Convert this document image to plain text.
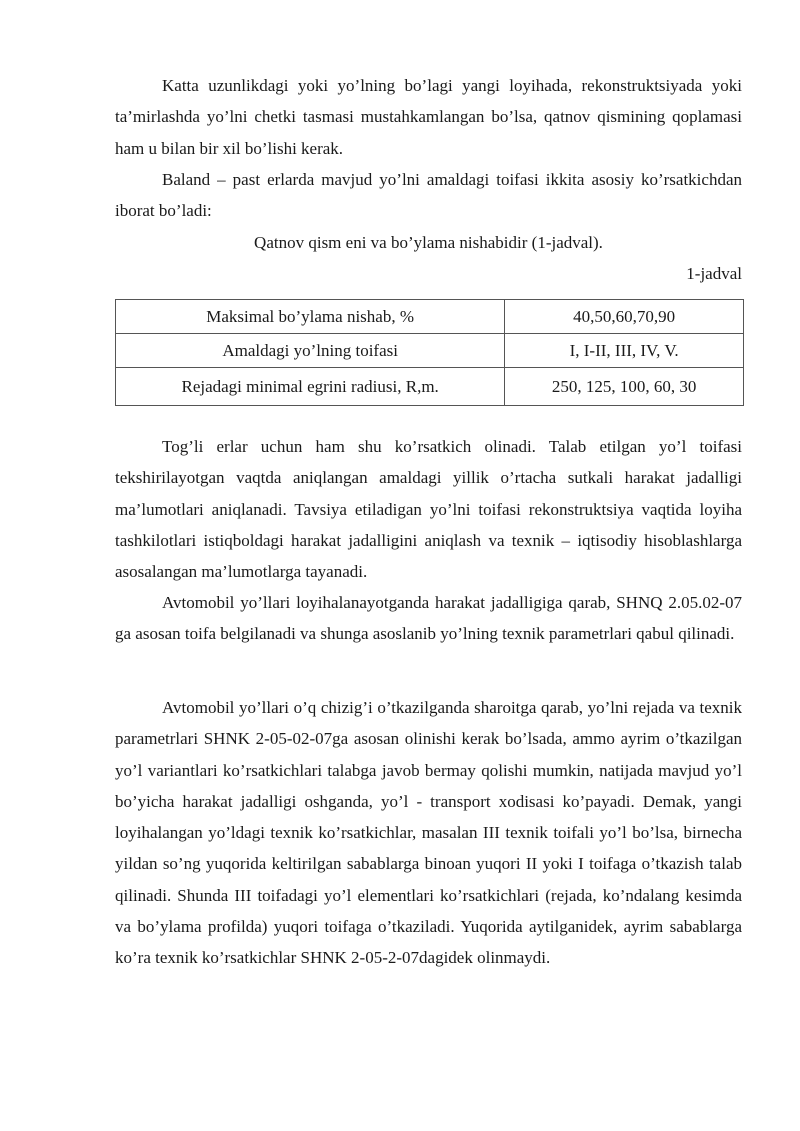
Katta uzunlikdagi yoki yo’lning bo’lagi yangi loyihada, rekonstruktsiyada yoki ta’mirlashda yo’lni chetki tasmasi mustahkamlangan bo’lsa, qatnov qismining qoplamasi ham u bilan bir xil bo’lishi kerak.

Baland – past erlarda mavjud yo’lni amaldagi toifasi ikkita asosiy ko’rsatkichdan iborat bo’ladi:

Qatnov qism eni va bo’ylama nishabidir (1-jadval).

1-jadval

Maksimal bo’ylama nishab, %	40,50,60,70,90
Amaldagi yo’lning toifasi	I, I-II, III, IV, V.
Rejadagi minimal egrini radiusi, R,m.	250, 125, 100, 60, 30

Tog’li erlar uchun ham shu ko’rsatkich olinadi. Talab etilgan yo’l toifasi tekshirilayotgan vaqtda aniqlangan amaldagi yillik o’rtacha sutkali harakat jadalligi ma’lumotlari aniqlanadi. Tavsiya etiladigan yo’lni toifasi rekonstruktsiya vaqtida loyiha tashkilotlari istiqboldagi harakat jadalligini aniqlash va texnik – iqtisodiy hisoblashlarga asosalangan ma’lumotlarga tayanadi.

Avtomobil yo’llari loyihalanayotganda harakat jadalligiga qarab, SHNQ 2.05.02-07 ga asosan toifa belgilanadi va shunga asoslanib yo’lning texnik parametrlari qabul qilinadi.

Avtomobil yo’llari o’q chizig’i o’tkazilganda sharoitga qarab, yo’lni rejada va texnik parametrlari SHNK 2-05-02-07ga asosan olinishi kerak bo’lsada, ammo ayrim o’tkazilgan yo’l variantlari ko’rsatkichlari talabga javob bermay qolishi mumkin, natijada mavjud yo’l bo’yicha harakat jadalligi oshganda, yo’l - transport xodisasi ko’payadi. Demak, yangi loyihalangan yo’ldagi texnik ko’rsatkichlar, masalan III texnik toifali yo’l bo’lsa, birnecha yildan so’ng yuqorida keltirilgan sabablarga binoan yuqori II yoki I toifaga o’tkazish talab qilinadi. Shunda III toifadagi yo’l elementlari ko’rsatkichlari (rejada, ko’ndalang kesimda va bo’ylama profilda) yuqori toifaga o’tkaziladi. Yuqorida aytilganidek, ayrim sabablarga ko’ra texnik ko’rsatkichlar SHNK 2-05-2-07dagidek olinmaydi.
